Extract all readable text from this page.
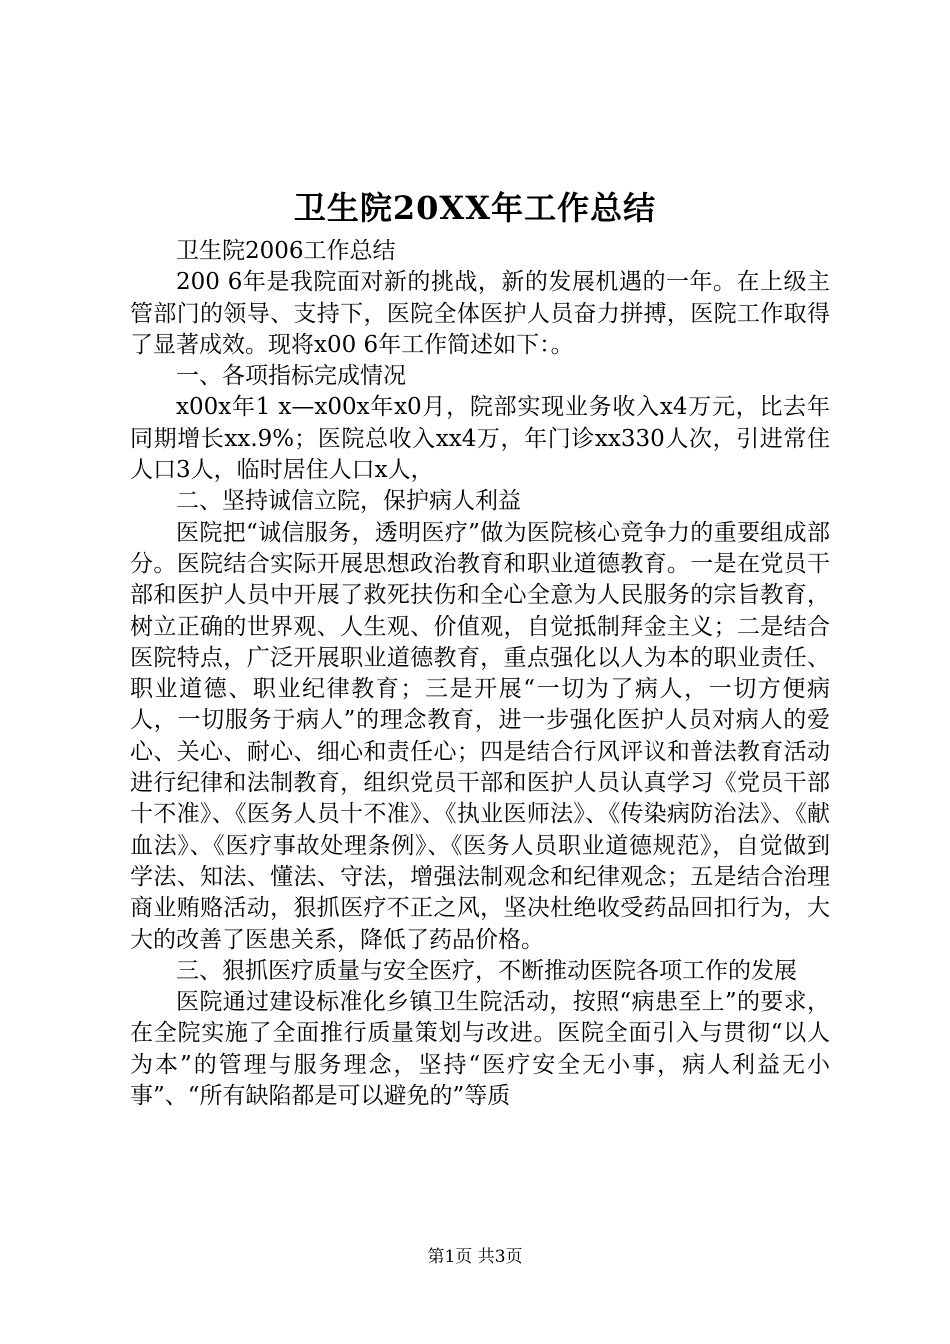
卫生院20XX年工作总结

卫生院2006工作总结

200 6年是我院面对新的挑战，新的发展机遇的一年。在上级主管部门的领导、支持下，医院全体医护人员奋力拼搏，医院工作取得了显著成效。现将x00 6年工作简述如下：。

一、各项指标完成情况

x00x年1 x—x00x年x0月，院部实现业务收入x4万元，比去年同期增长xx.9%；医院总收入xx4万，年门诊xx330人次，引进常住人口3人，临时居住人口x人，

二、坚持诚信立院，保护病人利益

医院把“诚信服务，透明医疗”做为医院核心竞争力的重要组成部分。医院结合实际开展思想政治教育和职业道德教育。一是在党员干部和医护人员中开展了救死扶伤和全心全意为人民服务的宗旨教育，树立正确的世界观、人生观、价值观，自觉抵制拜金主义；二是结合医院特点，广泛开展职业道德教育，重点强化以人为本的职业责任、职业道德、职业纪律教育；三是开展“一切为了病人，一切方便病人，一切服务于病人”的理念教育，进一步强化医护人员对病人的爱心、关心、耐心、细心和责任心；四是结合行风评议和普法教育活动进行纪律和法制教育，组织党员干部和医护人员认真学习《党员干部十不准》、《医务人员十不准》、《执业医师法》、《传染病防治法》、《献血法》、《医疗事故处理条例》、《医务人员职业道德规范》，自觉做到学法、知法、懂法、守法，增强法制观念和纪律观念；五是结合治理商业贿赂活动，狠抓医疗不正之风，坚决杜绝收受药品回扣行为，大大的改善了医患关系，降低了药品价格。

三、狠抓医疗质量与安全医疗，不断推动医院各项工作的发展

医院通过建设标准化乡镇卫生院活动，按照“病患至上”的要求，在全院实施了全面推行质量策划与改进。医院全面引入与贯彻“以人为本”的管理与服务理念，坚持“医疗安全无小事，病人利益无小事”、“所有缺陷都是可以避免的”等质

第1页 共3页
